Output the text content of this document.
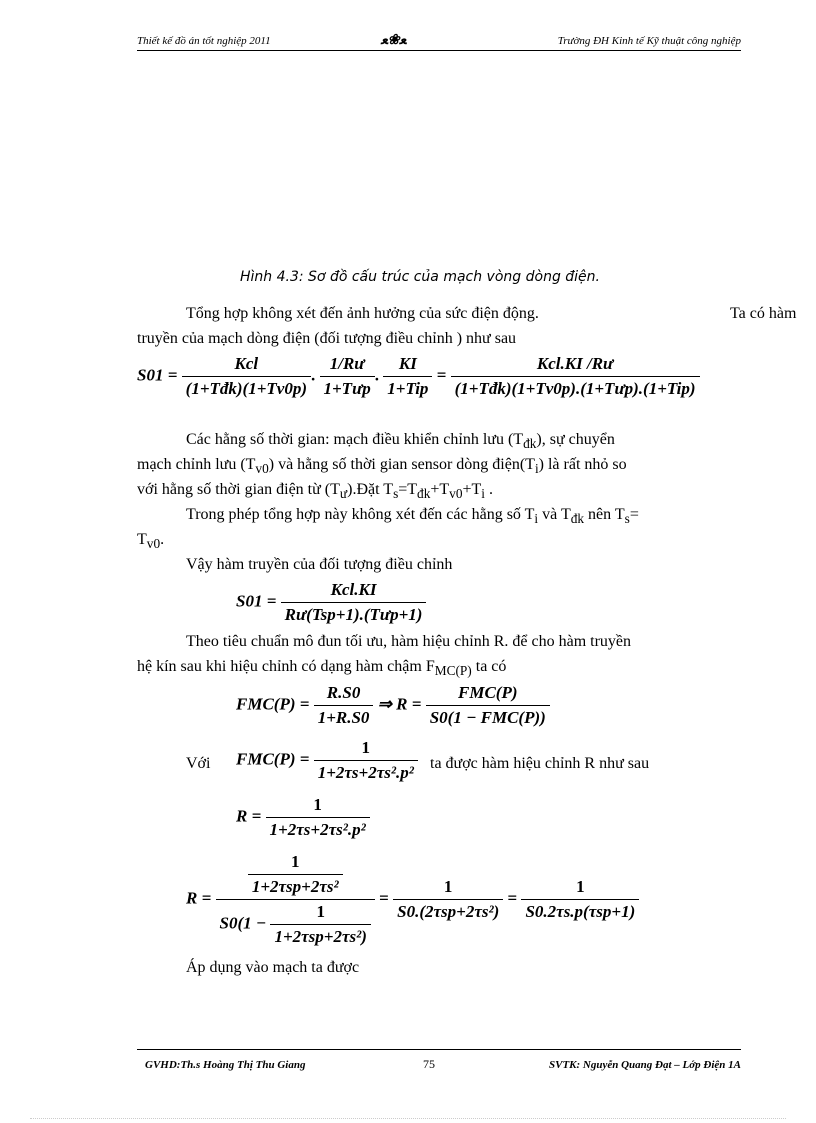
Thiết kế đồ án tốt nghiệp 2011	ﻌ❀ﻌ	Trường ĐH Kinh tế Kỹ thuật công nghiệp
Hình 4.3: Sơ đồ cấu trúc của mạch vòng dòng điện.
Tổng hợp không xét đến ảnh hưởng của sức điện động.	Ta có hàm
truyền của mạch dòng điện (đối tượng điều chỉnh ) như sau
$S01 = \frac{\text{Kcl}}{\text{(1+Tđk)(1+Tv0p)}}$ . $\frac{1/Rư}{\text{1+Tưp}}$ . $\frac{KI}{\text{1+Tip}} = \frac{\text{Kcl.KI /Rư}}{\text{(1+Tđk)(1+Tv0p).(1+Tưp).(1+Tip)}}$
Các hằng số thời gian: mạch điều khiển chỉnh lưu $(T_{đk})$, sự chuyển
mạch chỉnh lưu $(T_{v0})$ và hằng số thời gian sensor dòng $điện(T_i)$ là rất nhỏ so
với hằng số thời gian điện từ $(T_ư).Đặt$ $T_s=T_{đk}+T_{v0}+T_i$ .
Trong phép tổng hợp này không xét đến các hằng số $T_i$ và $T_{đk}$ nên $T_s=$
$T_{v0}$.
Vậy hàm truyền của đối tượng điều chỉnh
$S01 = \frac{\text{Kcl.KI}}{\text{Rư(Tsp+1).(Tưp+1)}}$
Theo tiêu chuẩn mô đun tối ưu, hàm hiệu chỉnh R. để cho hàm truyền
hệ kín sau khi hiệu chỉnh có dạng hàm chậm $F_{MC(P)}$ ta có
$FMC(P) = \frac{R.S0}{1+R.S0}$ ⇒ $R = \frac{\text{FMC(P)}}{\text{S0(1 − FMC(P))}}$
Với $FMC(P) = \frac{1}{\text{1+2τs+2τs².p²}}$ ta được hàm hiệu chỉnh R như sau
$R = \frac{1}{\text{1+2τs+2τs².p²}}$
$R = \frac{\frac{1}{\text{1+2τsp+2τs²}}}{S0(1 - \frac{1}{\text{1+2τsp+2τs²)}}} = \frac{1}{\text{S0.(2τsp+2τs²)}} = \frac{1}{\text{S0.2τs.p(τsp+1)}}$
Áp dụng vào mạch ta được
GVHD:Th.s Hoàng Thị Thu Giang	75	SVTK: Nguyễn Quang Đạt – Lớp Điện 1A
